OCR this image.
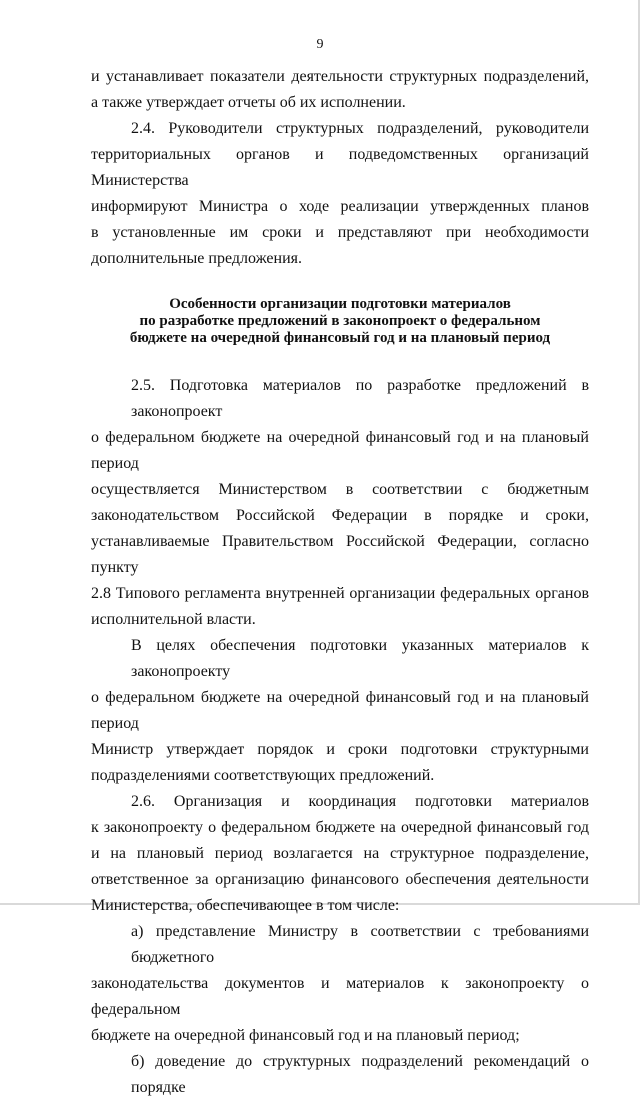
9

и устанавливает показатели деятельности структурных подразделений,
а также утверждает отчеты об их исполнении.

2.4. Руководители структурных подразделений, руководители
территориальных органов и подведомственных организаций Министерства
информируют Министра о ходе реализации утвержденных планов
в установленные им сроки и представляют при необходимости
дополнительные предложения.

Особенности организации подготовки материалов
по разработке предложений в законопроект о федеральном
бюджете на очередной финансовый год и на плановый период

2.5. Подготовка материалов по разработке предложений в законопроект
о федеральном бюджете на очередной финансовый год и на плановый период
осуществляется Министерством в соответствии с бюджетным
законодательством Российской Федерации в порядке и сроки,
устанавливаемые Правительством Российской Федерации, согласно пункту
2.8 Типового регламента внутренней организации федеральных органов
исполнительной власти.

В целях обеспечения подготовки указанных материалов к законопроекту
о федеральном бюджете на очередной финансовый год и на плановый период
Министр утверждает порядок и сроки подготовки структурными
подразделениями соответствующих предложений.

2.6. Организация и координация подготовки материалов
к законопроекту о федеральном бюджете на очередной финансовый год
и на плановый период возлагается на структурное подразделение,
ответственное за организацию финансового обеспечения деятельности
Министерства, обеспечивающее в том числе:

а) представление Министру в соответствии с требованиями бюджетного
законодательства документов и материалов к законопроекту о федеральном
бюджете на очередной финансовый год и на плановый период;

б) доведение до структурных подразделений рекомендаций о порядке
